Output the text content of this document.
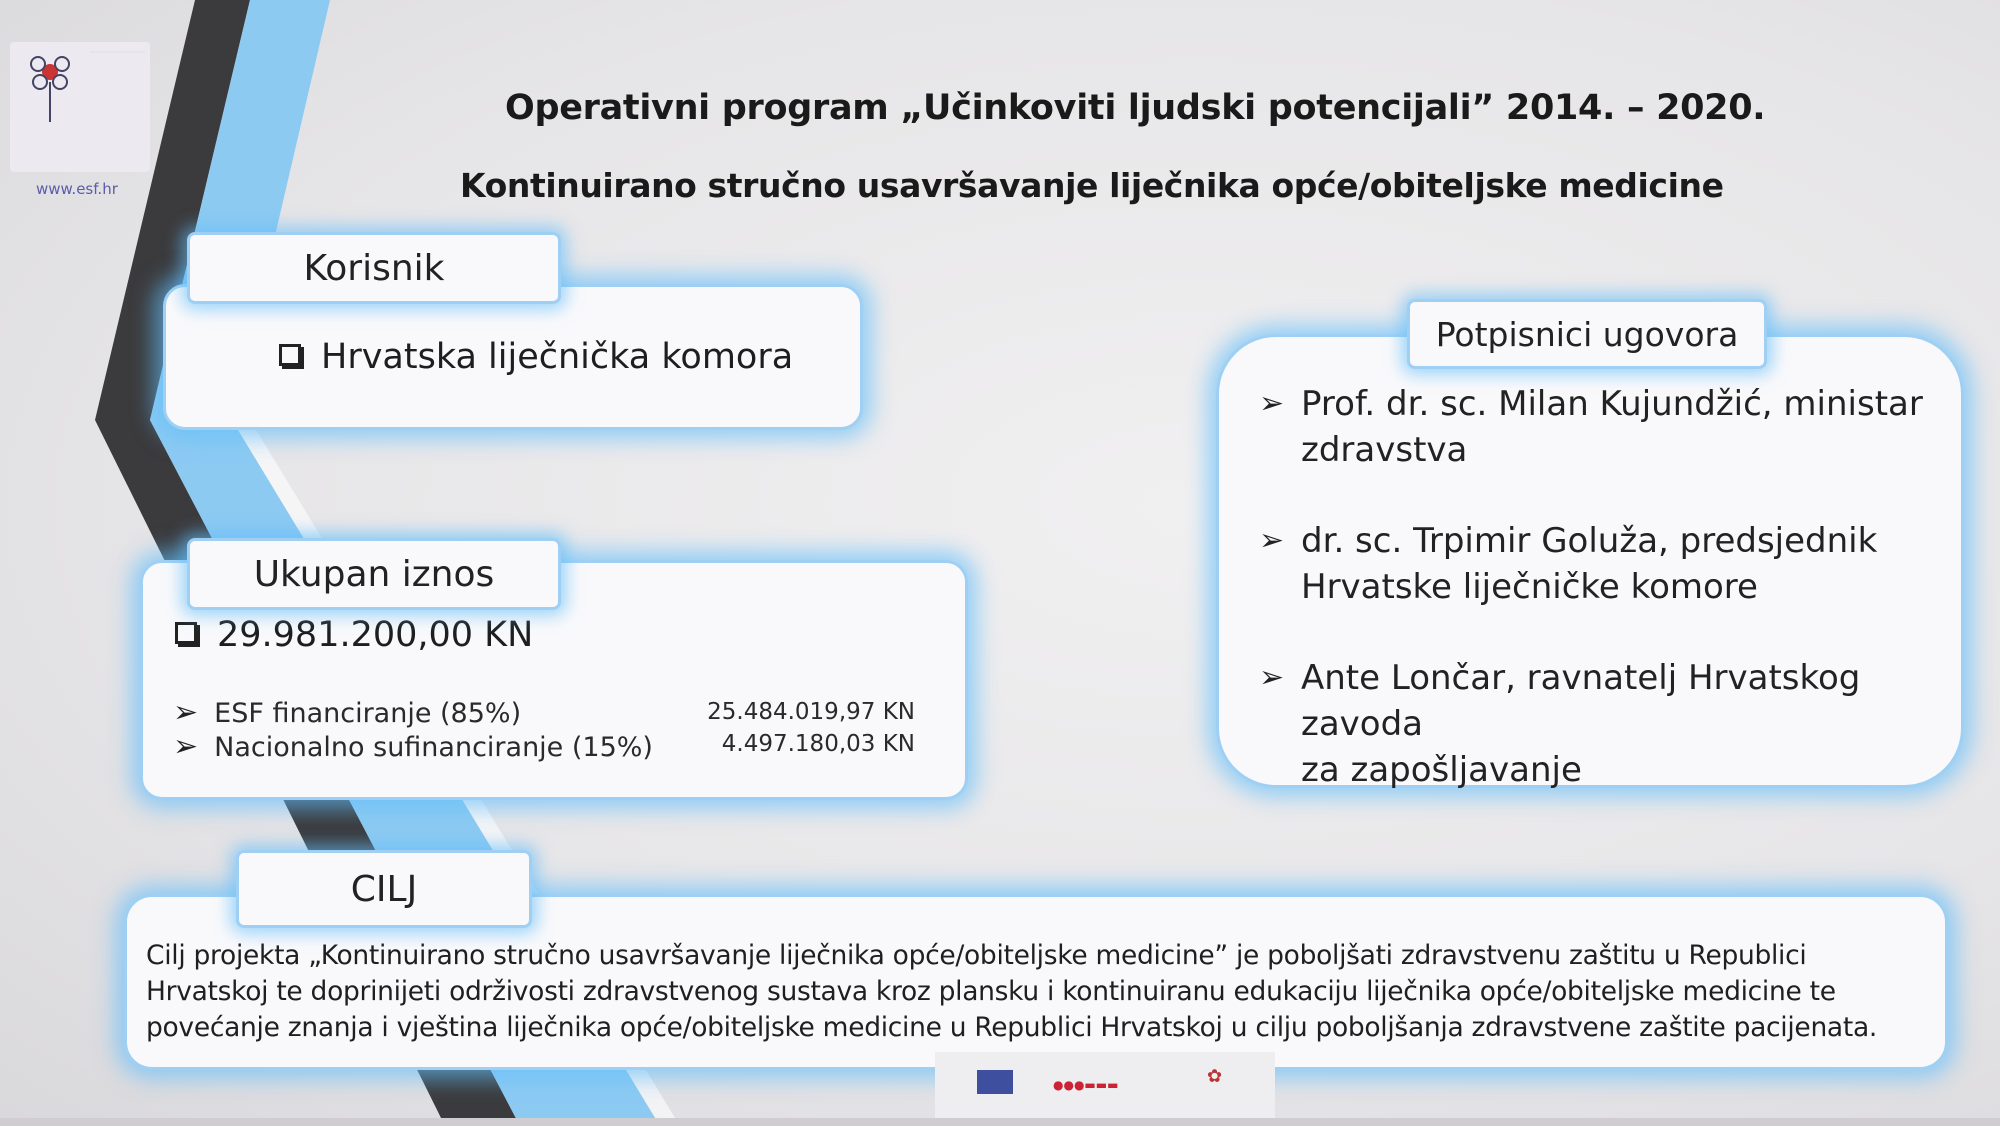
www.esf.hr
Operativni program „Učinkoviti ljudski potencijali” 2014. – 2020.
Kontinuirano stručno usavršavanje liječnika opće/obiteljske medicine
Hrvatska liječnička komora
Korisnik
29.981.200,00 KN
➢ ESF financiranje (85%)	25.484.019,97 KN
➢ Nacionalno sufinanciranje (15%)	4.497.180,03 KN
Ukupan iznos
➢ Prof. dr. sc. Milan Kujundžić, ministar
zdravstva
➢ dr. sc. Trpimir Goluža, predsjednik
Hrvatske liječničke komore
➢ Ante Lončar, ravnatelj Hrvatskog zavoda
za zapošljavanje
Potpisnici ugovora
Cilj projekta „Kontinuirano stručno usavršavanje liječnika opće/obiteljske medicine” je poboljšati zdravstvenu zaštitu u Republici Hrvatskoj te doprinijeti održivosti zdravstvenog sustava kroz plansku i kontinuiranu edukaciju liječnika opće/obiteljske medicine te povećanje znanja i vještina liječnika opće/obiteljske medicine u Republici Hrvatskoj u cilju poboljšanja zdravstvene zaštite pacijenata.
CILJ
●●●▬▬▬	✿
